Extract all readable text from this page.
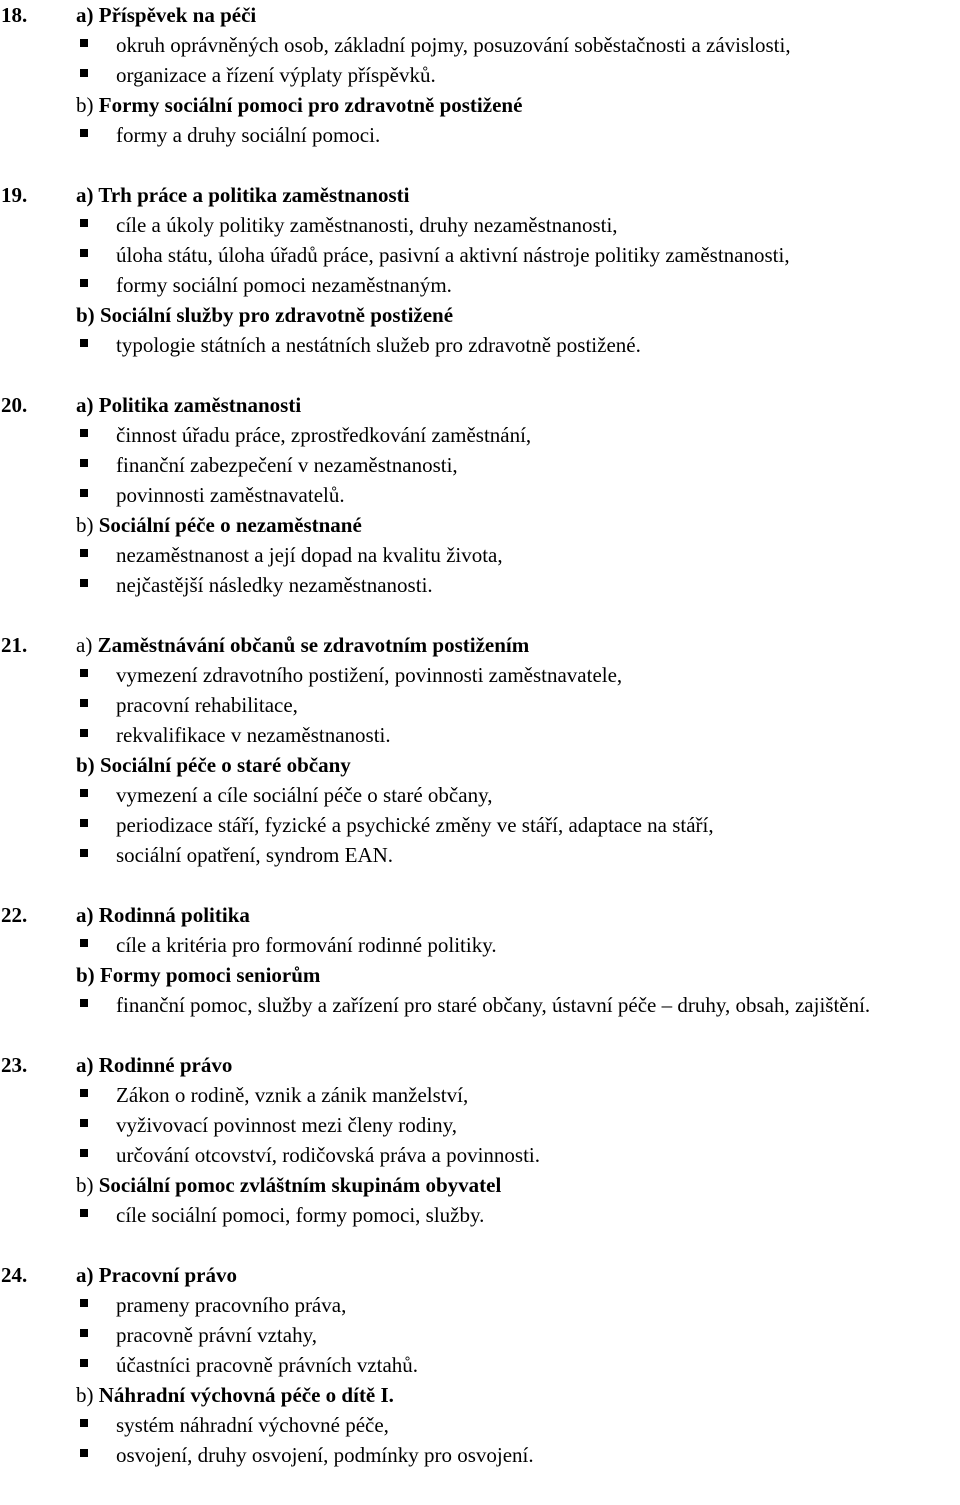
18.	a) Příspěvek na péči
okruh oprávněných osob, základní pojmy, posuzování soběstačnosti a závislosti,
organizace a řízení výplaty příspěvků.
b) Formy sociální pomoci pro zdravotně postižené
formy a druhy sociální pomoci.
19.	a) Trh práce a politika zaměstnanosti
cíle a úkoly politiky zaměstnanosti, druhy nezaměstnanosti,
úloha státu, úloha úřadů práce, pasivní a aktivní nástroje politiky zaměstnanosti,
formy sociální pomoci nezaměstnaným.
b) Sociální služby pro zdravotně postižené
typologie státních a nestátních služeb pro zdravotně postižené.
20.	a) Politika zaměstnanosti
činnost úřadu práce, zprostředkování zaměstnání,
finanční zabezpečení v nezaměstnanosti,
povinnosti zaměstnavatelů.
b) Sociální péče o nezaměstnané
nezaměstnanost a její dopad na kvalitu života,
nejčastější následky nezaměstnanosti.
21.	a) Zaměstnávání občanů se zdravotním postižením
vymezení zdravotního postižení, povinnosti zaměstnavatele,
pracovní rehabilitace,
rekvalifikace v nezaměstnanosti.
b) Sociální péče o staré občany
vymezení a cíle sociální péče o staré občany,
periodizace stáří, fyzické a psychické změny ve stáří, adaptace na stáří,
sociální opatření, syndrom EAN.
22.	a) Rodinná politika
cíle a kritéria pro formování rodinné politiky.
b) Formy pomoci seniorům
finanční pomoc, služby a zařízení pro staré občany, ústavní péče – druhy, obsah, zajištění.
23.	a) Rodinné právo
Zákon o rodině, vznik a zánik manželství,
vyživovací povinnost mezi členy rodiny,
určování otcovství, rodičovská práva a povinnosti.
b) Sociální pomoc zvláštním skupinám obyvatel
cíle sociální pomoci, formy pomoci, služby.
24.	a) Pracovní právo
prameny pracovního práva,
pracovně právní vztahy,
účastníci pracovně právních vztahů.
b) Náhradní výchovná péče o dítě I.
systém náhradní výchovné péče,
osvojení, druhy osvojení, podmínky pro osvojení.
